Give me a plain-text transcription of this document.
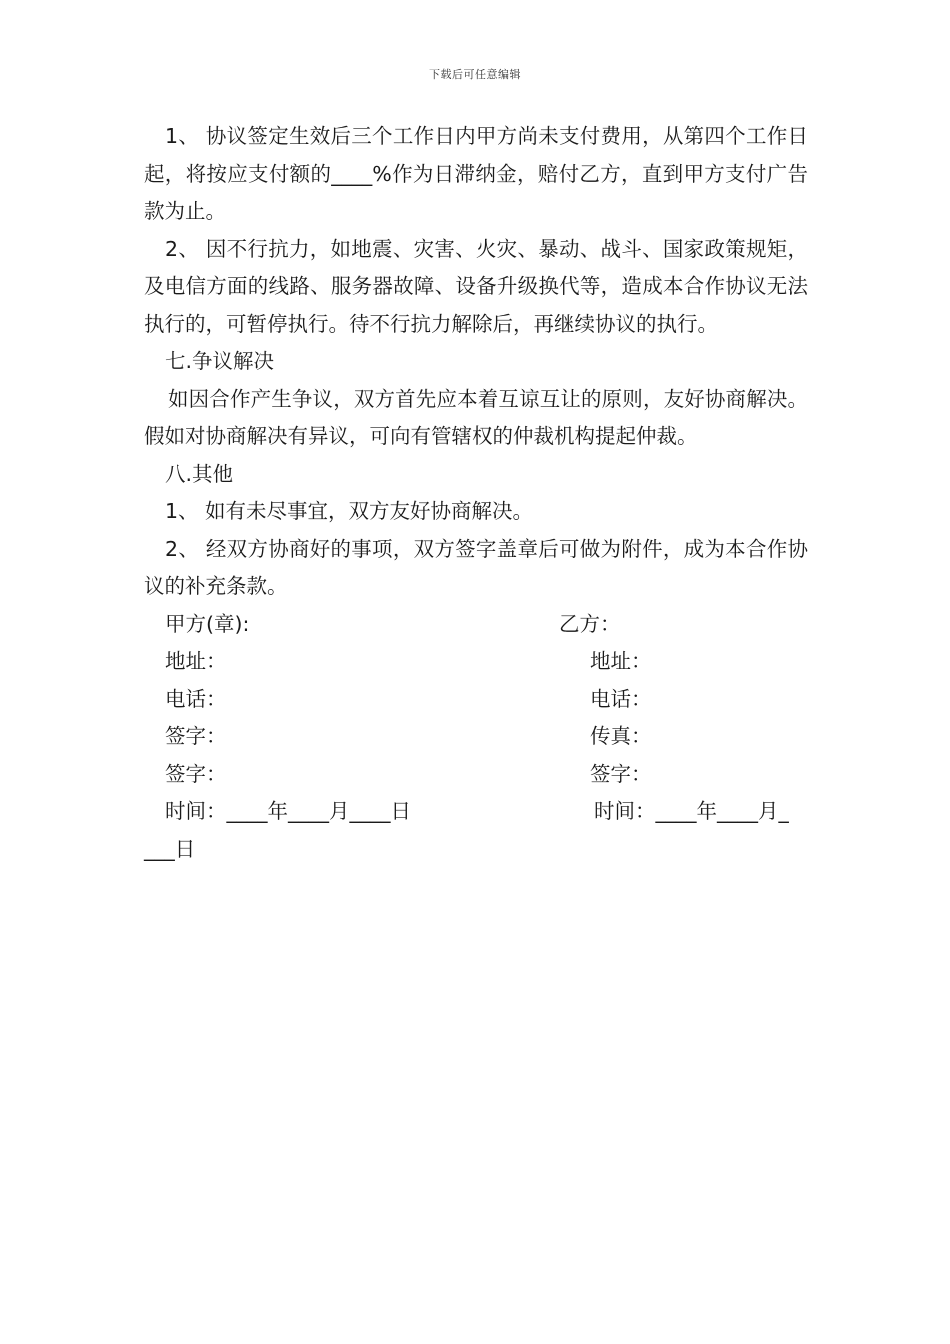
下载后可任意编辑

1、 协议签定生效后三个工作日内甲方尚未支付费用，从第四个工作日起，将按应支付额的____%作为日滞纳金，赔付乙方，直到甲方支付广告款为止。

2、 因不行抗力，如地震、灾害、火灾、暴动、战斗、国家政策规矩，及电信方面的线路、服务器故障、设备升级换代等，造成本合作协议无法执行的，可暂停执行。待不行抗力解除后，再继续协议的执行。

七.争议解决

如因合作产生争议，双方首先应本着互谅互让的原则，友好协商解决。假如对协商解决有异议，可向有管辖权的仲裁机构提起仲裁。

八.其他

1、 如有未尽事宜，双方友好协商解决。

2、 经双方协商好的事项，双方签字盖章后可做为附件，成为本合作协议的补充条款。

甲方(章):	乙方：
地址：	地址：
电话：	电话：
签字：	传真：
签字：	签字：
时间：____年____月____日	时间：____年____月_
___日
